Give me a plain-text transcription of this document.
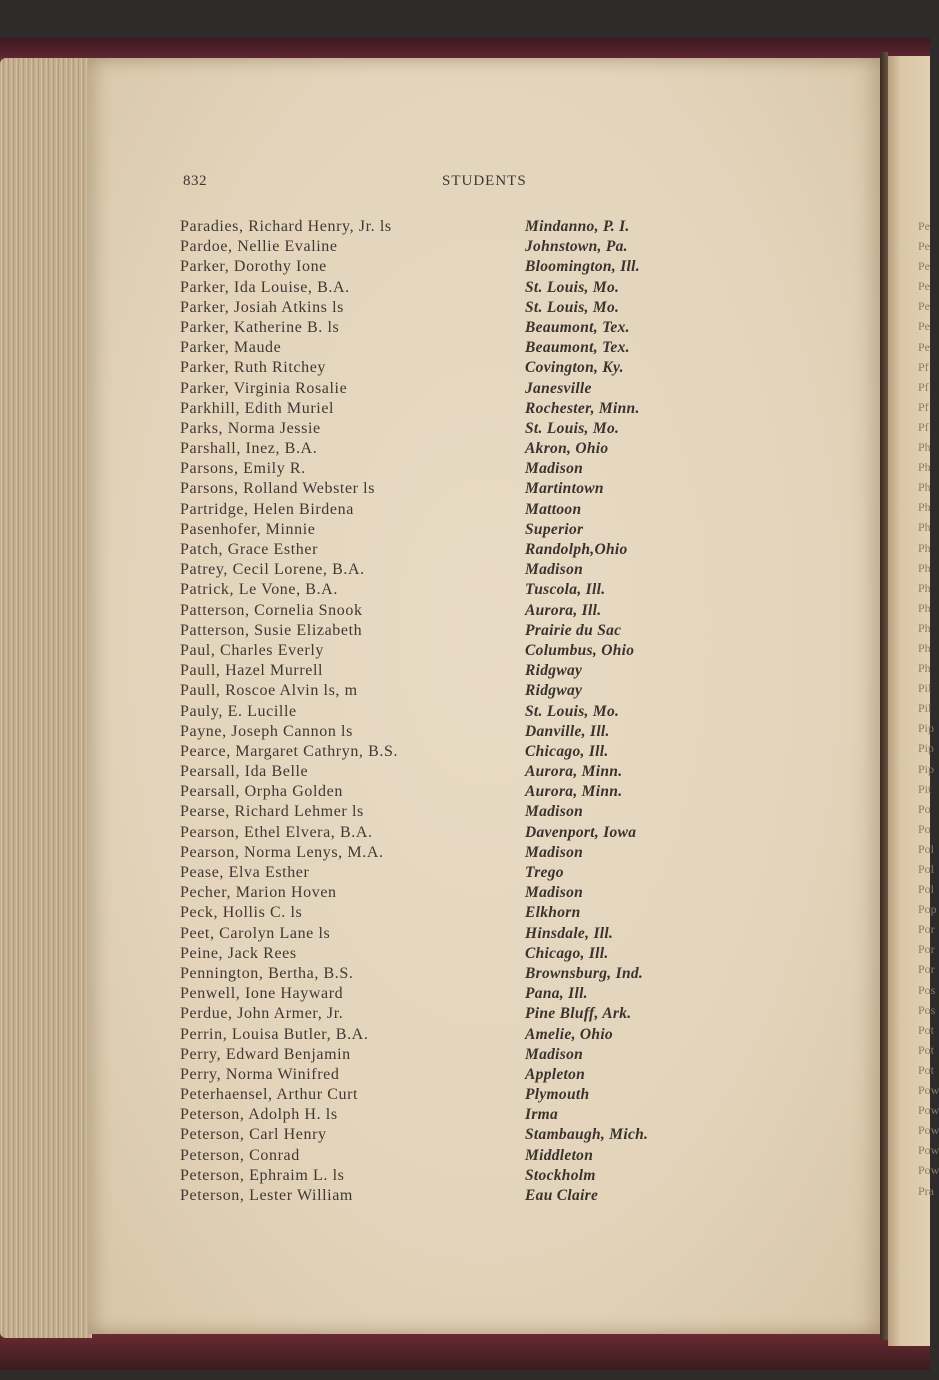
Pe
Pe
Pe
Pe
Pe
Pe
Pe
Pf
Pf
Pf
Pf
Ph
Ph
Ph
Ph
Ph
Ph
Ph
Ph
Ph
Ph
Ph
Ph
Pil
Pil
Pip
Pip
Pip
Pit
Po
Po
Pol
Pol
Pol
Pop
Por
Por
Por
Pos
Pos
Pot
Pot
Pot
Pow
Pow
Pow
Pow
Pow
Pra
832	STUDENTS
Paradies, Richard Henry, Jr. ls	Mindanno, P. I.
Pardoe, Nellie Evaline	Johnstown, Pa.
Parker, Dorothy Ione	Bloomington, Ill.
Parker, Ida Louise, B.A.	St. Louis, Mo.
Parker, Josiah Atkins ls	St. Louis, Mo.
Parker, Katherine B. ls	Beaumont, Tex.
Parker, Maude	Beaumont, Tex.
Parker, Ruth Ritchey	Covington, Ky.
Parker, Virginia Rosalie	Janesville
Parkhill, Edith Muriel	Rochester, Minn.
Parks, Norma Jessie	St. Louis, Mo.
Parshall, Inez, B.A.	Akron, Ohio
Parsons, Emily R.	Madison
Parsons, Rolland Webster ls	Martintown
Partridge, Helen Birdena	Mattoon
Pasenhofer, Minnie	Superior
Patch, Grace Esther	Randolph,Ohio
Patrey, Cecil Lorene, B.A.	Madison
Patrick, Le Vone, B.A.	Tuscola, Ill.
Patterson, Cornelia Snook	Aurora, Ill.
Patterson, Susie Elizabeth	Prairie du Sac
Paul, Charles Everly	Columbus, Ohio
Paull, Hazel Murrell	Ridgway
Paull, Roscoe Alvin ls, m	Ridgway
Pauly, E. Lucille	St. Louis, Mo.
Payne, Joseph Cannon ls	Danville, Ill.
Pearce, Margaret Cathryn, B.S.	Chicago, Ill.
Pearsall, Ida Belle	Aurora, Minn.
Pearsall, Orpha Golden	Aurora, Minn.
Pearse, Richard Lehmer ls	Madison
Pearson, Ethel Elvera, B.A.	Davenport, Iowa
Pearson, Norma Lenys, M.A.	Madison
Pease, Elva Esther	Trego
Pecher, Marion Hoven	Madison
Peck, Hollis C. ls	Elkhorn
Peet, Carolyn Lane ls	Hinsdale, Ill.
Peine, Jack Rees	Chicago, Ill.
Pennington, Bertha, B.S.	Brownsburg, Ind.
Penwell, Ione Hayward	Pana, Ill.
Perdue, John Armer, Jr.	Pine Bluff, Ark.
Perrin, Louisa Butler, B.A.	Amelie, Ohio
Perry, Edward Benjamin	Madison
Perry, Norma Winifred	Appleton
Peterhaensel, Arthur Curt	Plymouth
Peterson, Adolph H. ls	Irma
Peterson, Carl Henry	Stambaugh, Mich.
Peterson, Conrad	Middleton
Peterson, Ephraim L. ls	Stockholm
Peterson, Lester William	Eau Claire
